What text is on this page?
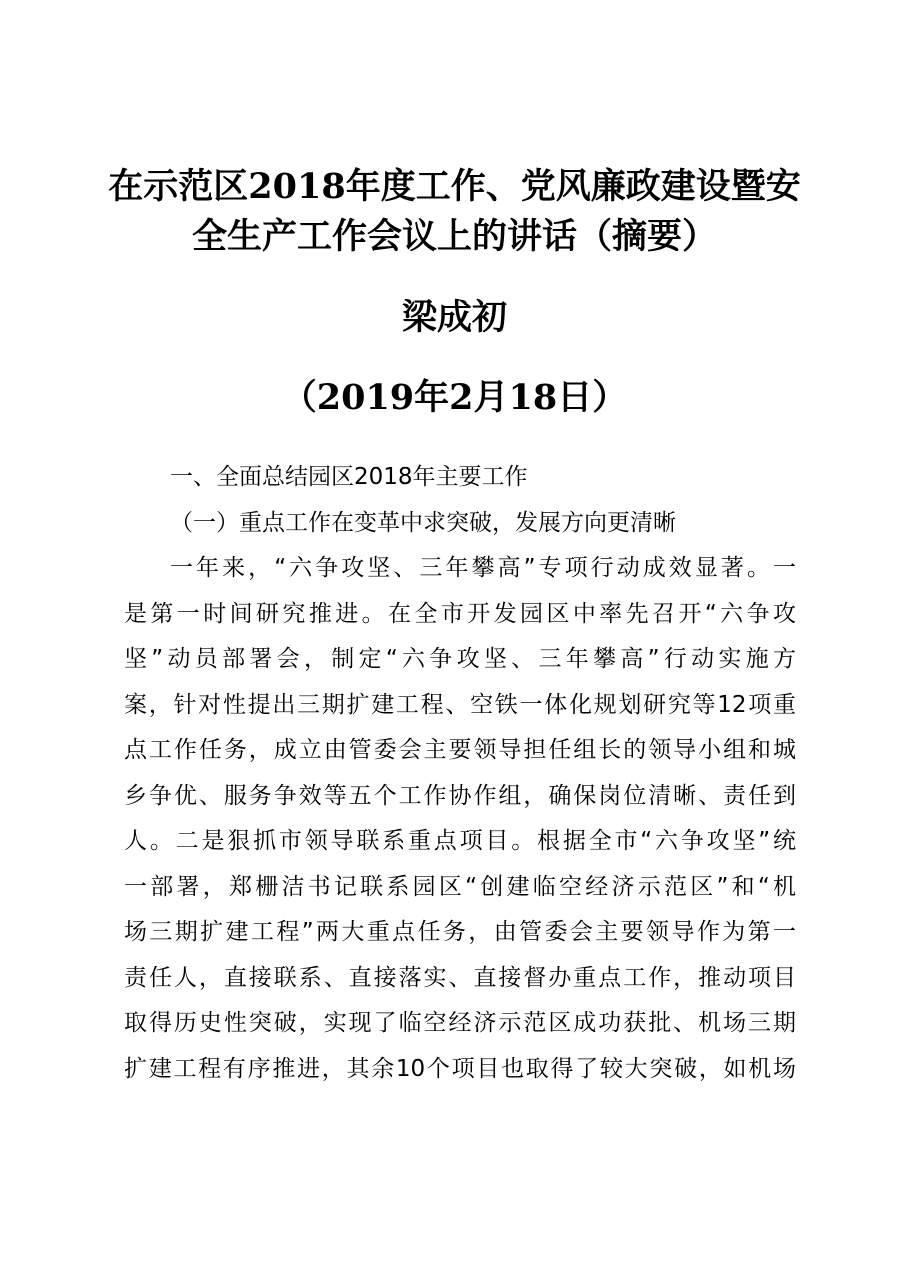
在示范区2018年度工作、党风廉政建设暨安
全生产工作会议上的讲话（摘要）
梁成初
（2019年2月18日）

一、全面总结园区2018年主要工作

（一）重点工作在变革中求突破，发展方向更清晰

一年来，“六争攻坚、三年攀高”专项行动成效显著。一

是第一时间研究推进。在全市开发园区中率先召开“六争攻

坚”动员部署会，制定“六争攻坚、三年攀高”行动实施方

案，针对性提出三期扩建工程、空铁一体化规划研究等12项重

点工作任务，成立由管委会主要领导担任组长的领导小组和城

乡争优、服务争效等五个工作协作组，确保岗位清晰、责任到

人。二是狠抓市领导联系重点项目。根据全市“六争攻坚”统

一部署，郑栅洁书记联系园区“创建临空经济示范区”和“机

场三期扩建工程”两大重点任务，由管委会主要领导作为第一

责任人，直接联系、直接落实、直接督办重点工作，推动项目

取得历史性突破，实现了临空经济示范区成功获批、机场三期

扩建工程有序推进，其余10个项目也取得了较大突破，如机场
